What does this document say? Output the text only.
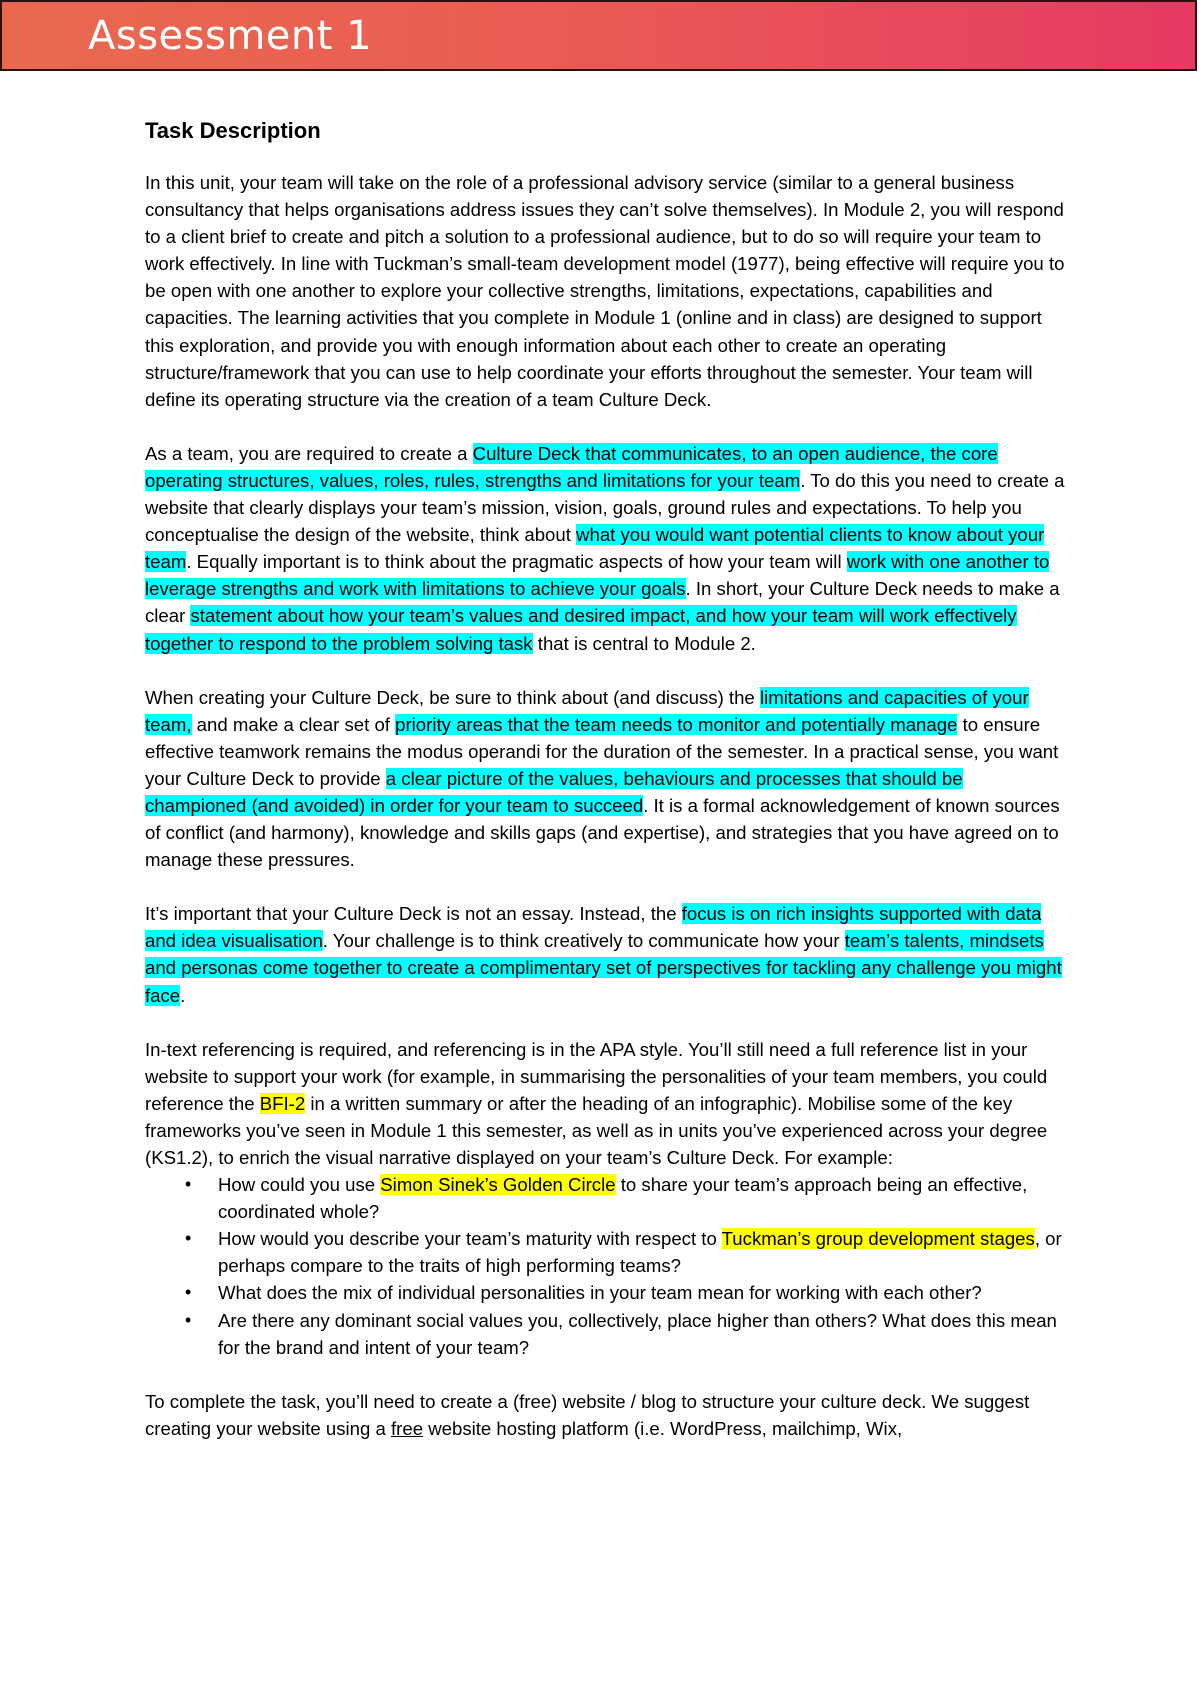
Assessment 1
Task Description

In this unit, your team will take on the role of a professional advisory service (similar to a general business consultancy that helps organisations address issues they can’t solve themselves). In Module 2, you will respond to a client brief to create and pitch a solution to a professional audience, but to do so will require your team to work effectively. In line with Tuckman’s small-team development model (1977), being effective will require you to be open with one another to explore your collective strengths, limitations, expectations, capabilities and capacities. The learning activities that you complete in Module 1 (online and in class) are designed to support this exploration, and provide you with enough information about each other to create an operating structure/framework that you can use to help coordinate your efforts throughout the semester. Your team will define its operating structure via the creation of a team Culture Deck.

As a team, you are required to create a Culture Deck that communicates, to an open audience, the core operating structures, values, roles, rules, strengths and limitations for your team. To do this you need to create a website that clearly displays your team’s mission, vision, goals, ground rules and expectations. To help you conceptualise the design of the website, think about what you would want potential clients to know about your team. Equally important is to think about the pragmatic aspects of how your team will work with one another to leverage strengths and work with limitations to achieve your goals. In short, your Culture Deck needs to make a clear statement about how your team’s values and desired impact, and how your team will work effectively together to respond to the problem solving task that is central to Module 2.

When creating your Culture Deck, be sure to think about (and discuss) the limitations and capacities of your team, and make a clear set of priority areas that the team needs to monitor and potentially manage to ensure effective teamwork remains the modus operandi for the duration of the semester. In a practical sense, you want your Culture Deck to provide a clear picture of the values, behaviours and processes that should be championed (and avoided) in order for your team to succeed. It is a formal acknowledgement of known sources of conflict (and harmony), knowledge and skills gaps (and expertise), and strategies that you have agreed on to manage these pressures.

It’s important that your Culture Deck is not an essay. Instead, the focus is on rich insights supported with data and idea visualisation. Your challenge is to think creatively to communicate how your team’s talents, mindsets and personas come together to create a complimentary set of perspectives for tackling any challenge you might face.

In-text referencing is required, and referencing is in the APA style. You’ll still need a full reference list in your website to support your work (for example, in summarising the personalities of your team members, you could reference the BFI-2 in a written summary or after the heading of an infographic). Mobilise some of the key frameworks you’ve seen in Module 1 this semester, as well as in units you’ve experienced across your degree (KS1.2), to enrich the visual narrative displayed on your team’s Culture Deck. For example:

• How could you use Simon Sinek’s Golden Circle to share your team’s approach being an effective, coordinated whole?
• How would you describe your team’s maturity with respect to Tuckman’s group development stages, or perhaps compare to the traits of high performing teams?
• What does the mix of individual personalities in your team mean for working with each other?
• Are there any dominant social values you, collectively, place higher than others? What does this mean for the brand and intent of your team?

To complete the task, you’ll need to create a (free) website / blog to structure your culture deck. We suggest creating your website using a free website hosting platform (i.e. WordPress, mailchimp, Wix,
